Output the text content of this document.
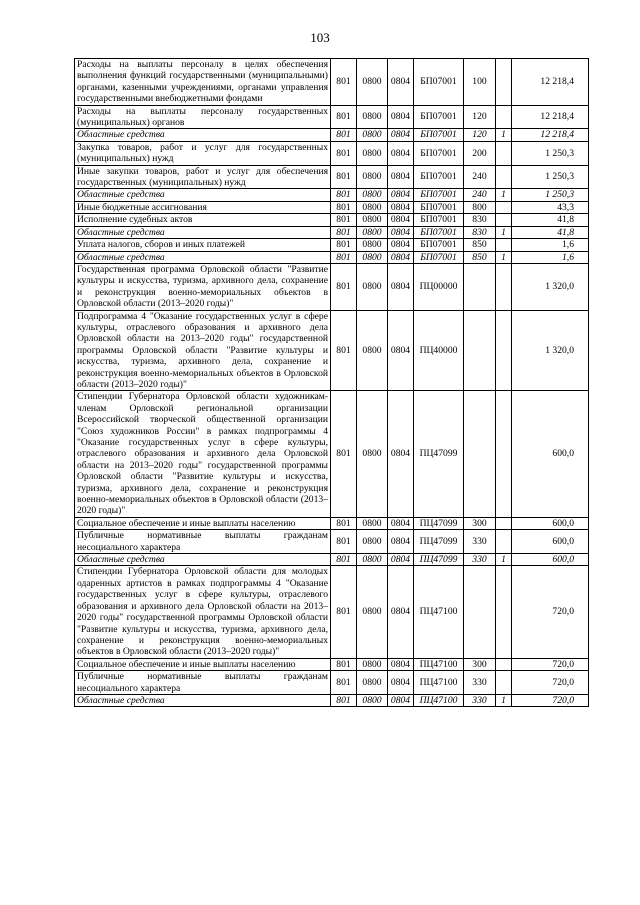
103
Расходы на выплаты персоналу в целях обеспечения выполнения функций государственными (муниципальными) органами, казенными учреждениями, органами управления государственными внебюджетными фондами	801	0800	0804	БП07001	100		12 218,4
Расходы на выплаты персоналу государственных (муниципальных) органов	801	0800	0804	БП07001	120		12 218,4
Областные средства	801	0800	0804	БП07001	120	1	12 218,4
Закупка товаров, работ и услуг для государственных (муниципальных) нужд	801	0800	0804	БП07001	200		1 250,3
Иные закупки товаров, работ и услуг для обеспечения государственных (муниципальных) нужд	801	0800	0804	БП07001	240		1 250,3
Областные средства	801	0800	0804	БП07001	240	1	1 250,3
Иные бюджетные ассигнования	801	0800	0804	БП07001	800		43,3
Исполнение судебных актов	801	0800	0804	БП07001	830		41,8
Областные средства	801	0800	0804	БП07001	830	1	41,8
Уплата налогов, сборов и иных платежей	801	0800	0804	БП07001	850		1,6
Областные средства	801	0800	0804	БП07001	850	1	1,6
Государственная программа Орловской области "Развитие культуры и искусства, туризма, архивного дела, сохранение и реконструкция военно-мемориальных объектов в Орловской области (2013–2020 годы)"	801	0800	0804	ПЦ00000			1 320,0
Подпрограмма 4 "Оказание государственных услуг в сфере культуры, отраслевого образования и архивного дела Орловской области на 2013–2020 годы" государственной программы Орловской области "Развитие культуры и искусства, туризма, архивного дела, сохранение и реконструкция военно-мемориальных объектов в Орловской области (2013–2020 годы)"	801	0800	0804	ПЦ40000			1 320,0
Стипендии Губернатора Орловской области художникам-членам Орловской региональной организации Всероссийской творческой общественной организации "Союз художников России" в рамках подпрограммы 4 "Оказание государственных услуг в сфере культуры, отраслевого образования и архивного дела Орловской области на 2013–2020 годы" государственной программы Орловской области "Развитие культуры и искусства, туризма, архивного дела, сохранение и реконструкция военно-мемориальных объектов в Орловской области (2013–2020 годы)"	801	0800	0804	ПЦ47099			600,0
Социальное обеспечение и иные выплаты населению	801	0800	0804	ПЦ47099	300		600,0
Публичные нормативные выплаты гражданам несоциального характера	801	0800	0804	ПЦ47099	330		600,0
Областные средства	801	0800	0804	ПЦ47099	330	1	600,0
Стипендии Губернатора Орловской области для молодых одаренных артистов в рамках подпрограммы 4 "Оказание государственных услуг в сфере культуры, отраслевого образования и архивного дела Орловской области на 2013–2020 годы" государственной программы Орловской области "Развитие культуры и искусства, туризма, архивного дела, сохранение и реконструкция военно-мемориальных объектов в Орловской области (2013–2020 годы)"	801	0800	0804	ПЦ47100			720,0
Социальное обеспечение и иные выплаты населению	801	0800	0804	ПЦ47100	300		720,0
Публичные нормативные выплаты гражданам несоциального характера	801	0800	0804	ПЦ47100	330		720,0
Областные средства	801	0800	0804	ПЦ47100	330	1	720,0
